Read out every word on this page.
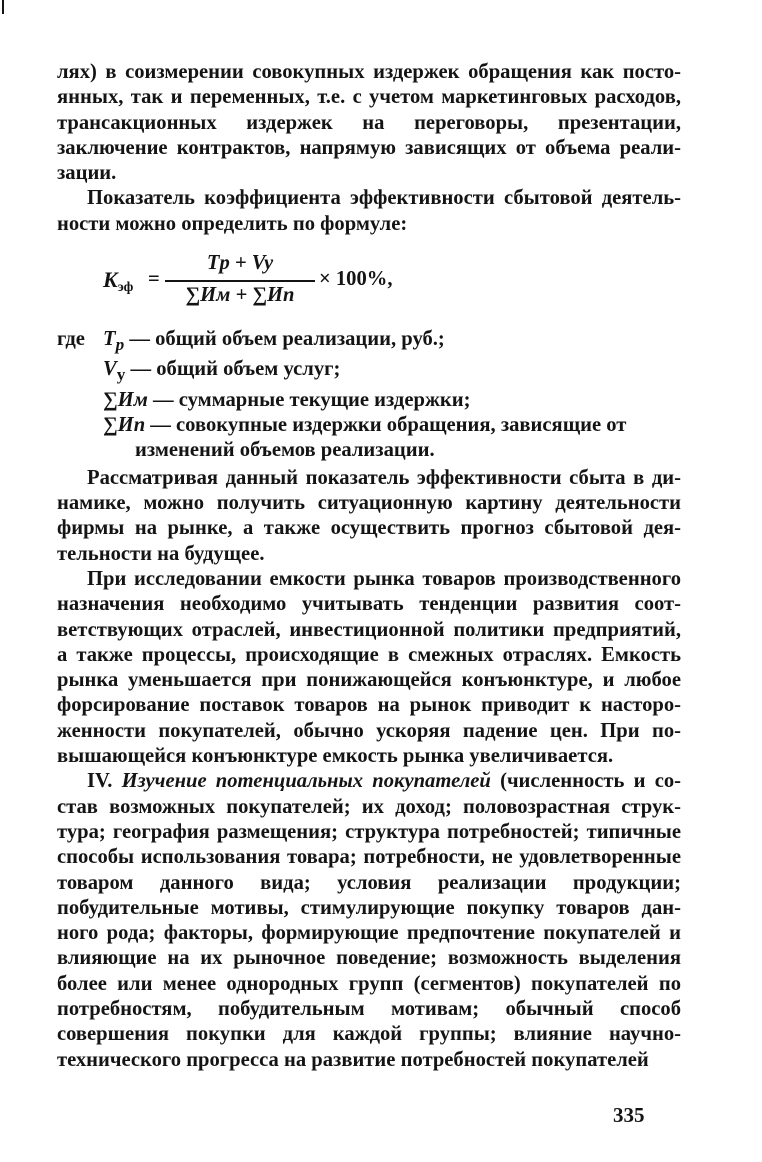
лях) в соизмерении совокупных издержек обращения как постоянных, так и переменных, т.е. с учетом маркетинговых расходов, трансакционных издержек на переговоры, презентации, заключение контрактов, напрямую зависящих от объема реализации.

Показатель коэффициента эффективности сбытовой деятельности можно определить по формуле:

$K_{эф}$ =
Tp + Vy
∑Им + ∑Ип
× 100%,
где $T_p$ — общий объем реализации, руб.;
$V_у$ — общий объем услуг;
∑Им — суммарные текущие издержки;
∑Ип — совокупные издержки обращения, зависящие от
изменений объемов реализации.

Рассматривая данный показатель эффективности сбыта в динамике, можно получить ситуационную картину деятельности фирмы на рынке, а также осуществить прогноз сбытовой деятельности на будущее.

При исследовании емкости рынка товаров производственного назначения необходимо учитывать тенденции развития соответствующих отраслей, инвестиционной политики предприятий, а также процессы, происходящие в смежных отраслях. Емкость рынка уменьшается при понижающейся конъюнктуре, и любое форсирование поставок товаров на рынок приводит к настороженности покупателей, обычно ускоряя падение цен. При повышающейся конъюнктуре емкость рынка увеличивается.

IV. Изучение потенциальных покупателей (численность и состав возможных покупателей; их доход; половозрастная структура; география размещения; структура потребностей; типичные способы использования товара; потребности, не удовлетворенные товаром данного вида; условия реализации продукции; побудительные мотивы, стимулирующие покупку товаров данного рода; факторы, формирующие предпочтение покупателей и влияющие на их рыночное поведение; возможность выделения более или менее однородных групп (сегментов) покупателей по потребностям, побудительным мотивам; обычный способ совершения покупки для каждой группы; влияние научно-технического прогресса на развитие потребностей покупателей

335
